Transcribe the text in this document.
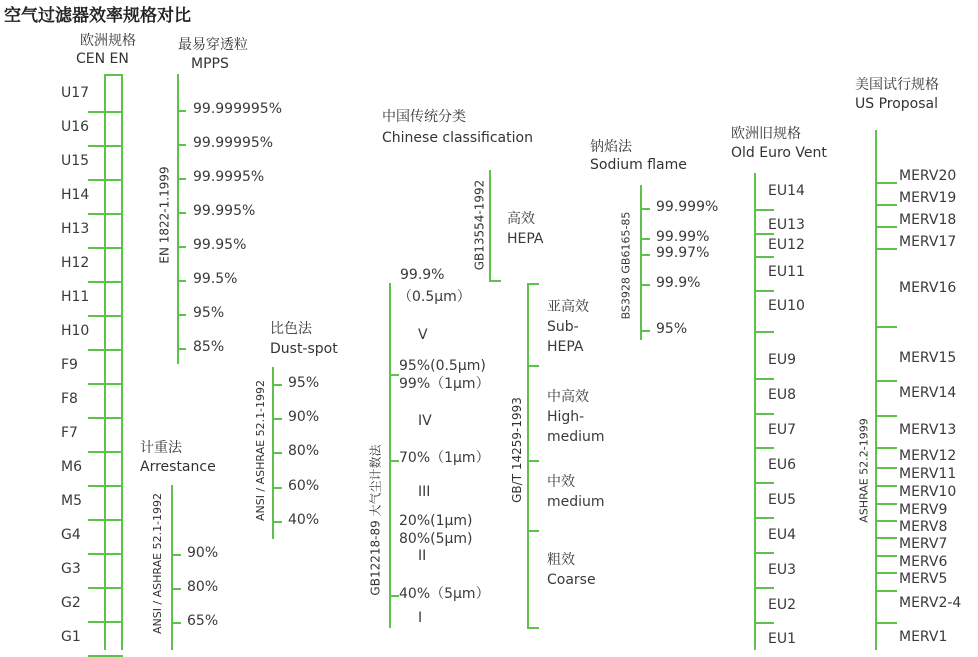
空气过滤器效率规格对比
欧洲规格
CEN EN
U17
U16
U15
H14
H13
H12
H11
H10
F9
F8
F7
M6
M5
G4
G3
G2
G1
最易穿透粒
MPPS
EN 1822-1.1999
99.999995%
99.99995%
99.9995%
99.995%
99.95%
99.5%
95%
85%
计重法
Arrestance
ANSI / ASHRAE 52.1-1992 90%
80%
65%
比色法
Dust-spot
ANSI / ASHRAE 52.1-1992 95%
90%
80%
60%
40%
中国传统分类
Chinese classification
GB12218-89 大气尘计数法
99.9%
（0.5μm）
V
95%(0.5μm)
99%（1μm）
IV
70%（1μm）
III
20%(1μm)
80%(5μm)
II
40%（5μm）
I
GB13554-1992 高效
HEPA
GB/T 14259-1993
亚高效
Sub-
HEPA
中高效
High-
medium
中效
medium
粗效
Coarse
钠焰法
Sodium flame
BS3928 GB6165-85
99.999%
99.99%
99.97%
99.9%
95%
欧洲旧规格
Old Euro Vent
EU14
EU13
EU12
EU11
EU10
EU9
EU8
EU7
EU6
EU5
EU4
EU3
EU2
EU1
美国试行规格
US Proposal
ASHRAE 52.2-1999
MERV20
MERV19
MERV18
MERV17
MERV16
MERV15
MERV14
MERV13
MERV12
MERV11
MERV10
MERV9
MERV8
MERV7
MERV6
MERV5
MERV2-4
MERV1
